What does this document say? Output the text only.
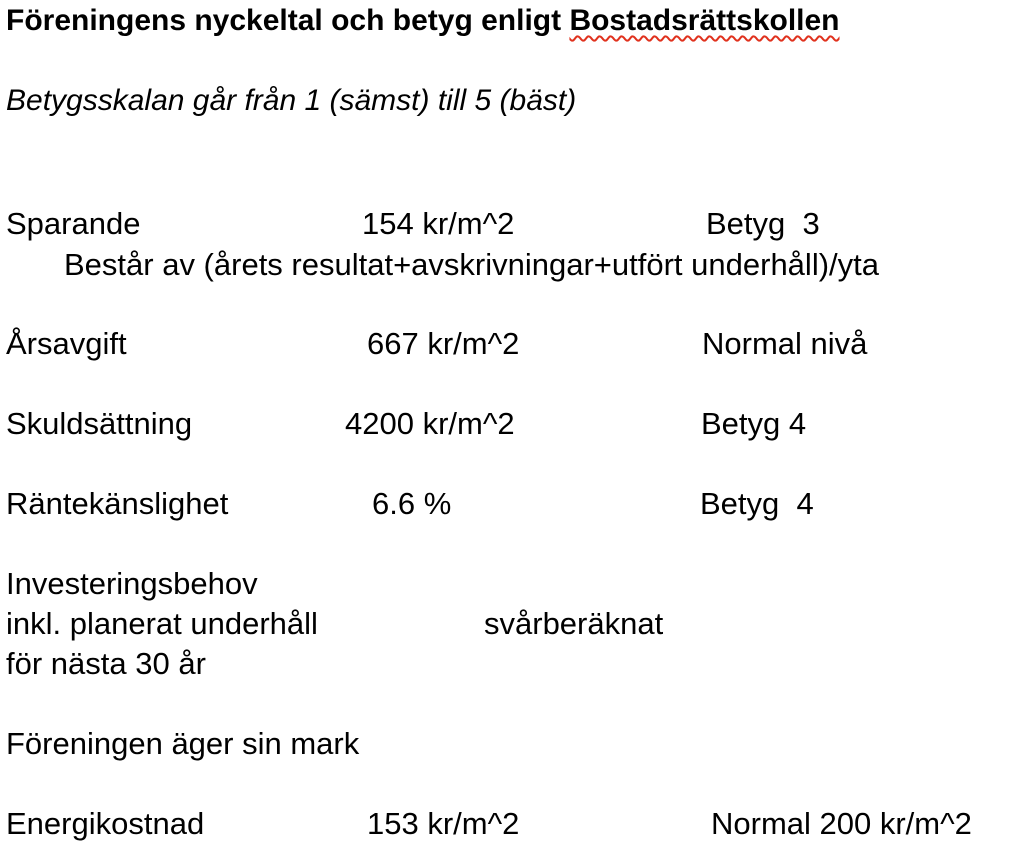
Föreningens nyckeltal och betyg enligt Bostadsrättskollen
Betygsskalan går från 1 (sämst) till 5 (bäst)
Sparande	154 kr/m^2	Betyg  3
Består av (årets resultat+avskrivningar+utfört underhåll)/yta
Årsavgift	667 kr/m^2	Normal nivå
Skuldsättning	4200 kr/m^2	Betyg 4
Räntekänslighet	6.6 %	Betyg  4
Investeringsbehov
inkl. planerat underhåll	svårberäknat
för nästa 30 år
Föreningen äger sin mark
Energikostnad	153 kr/m^2	Normal 200 kr/m^2
